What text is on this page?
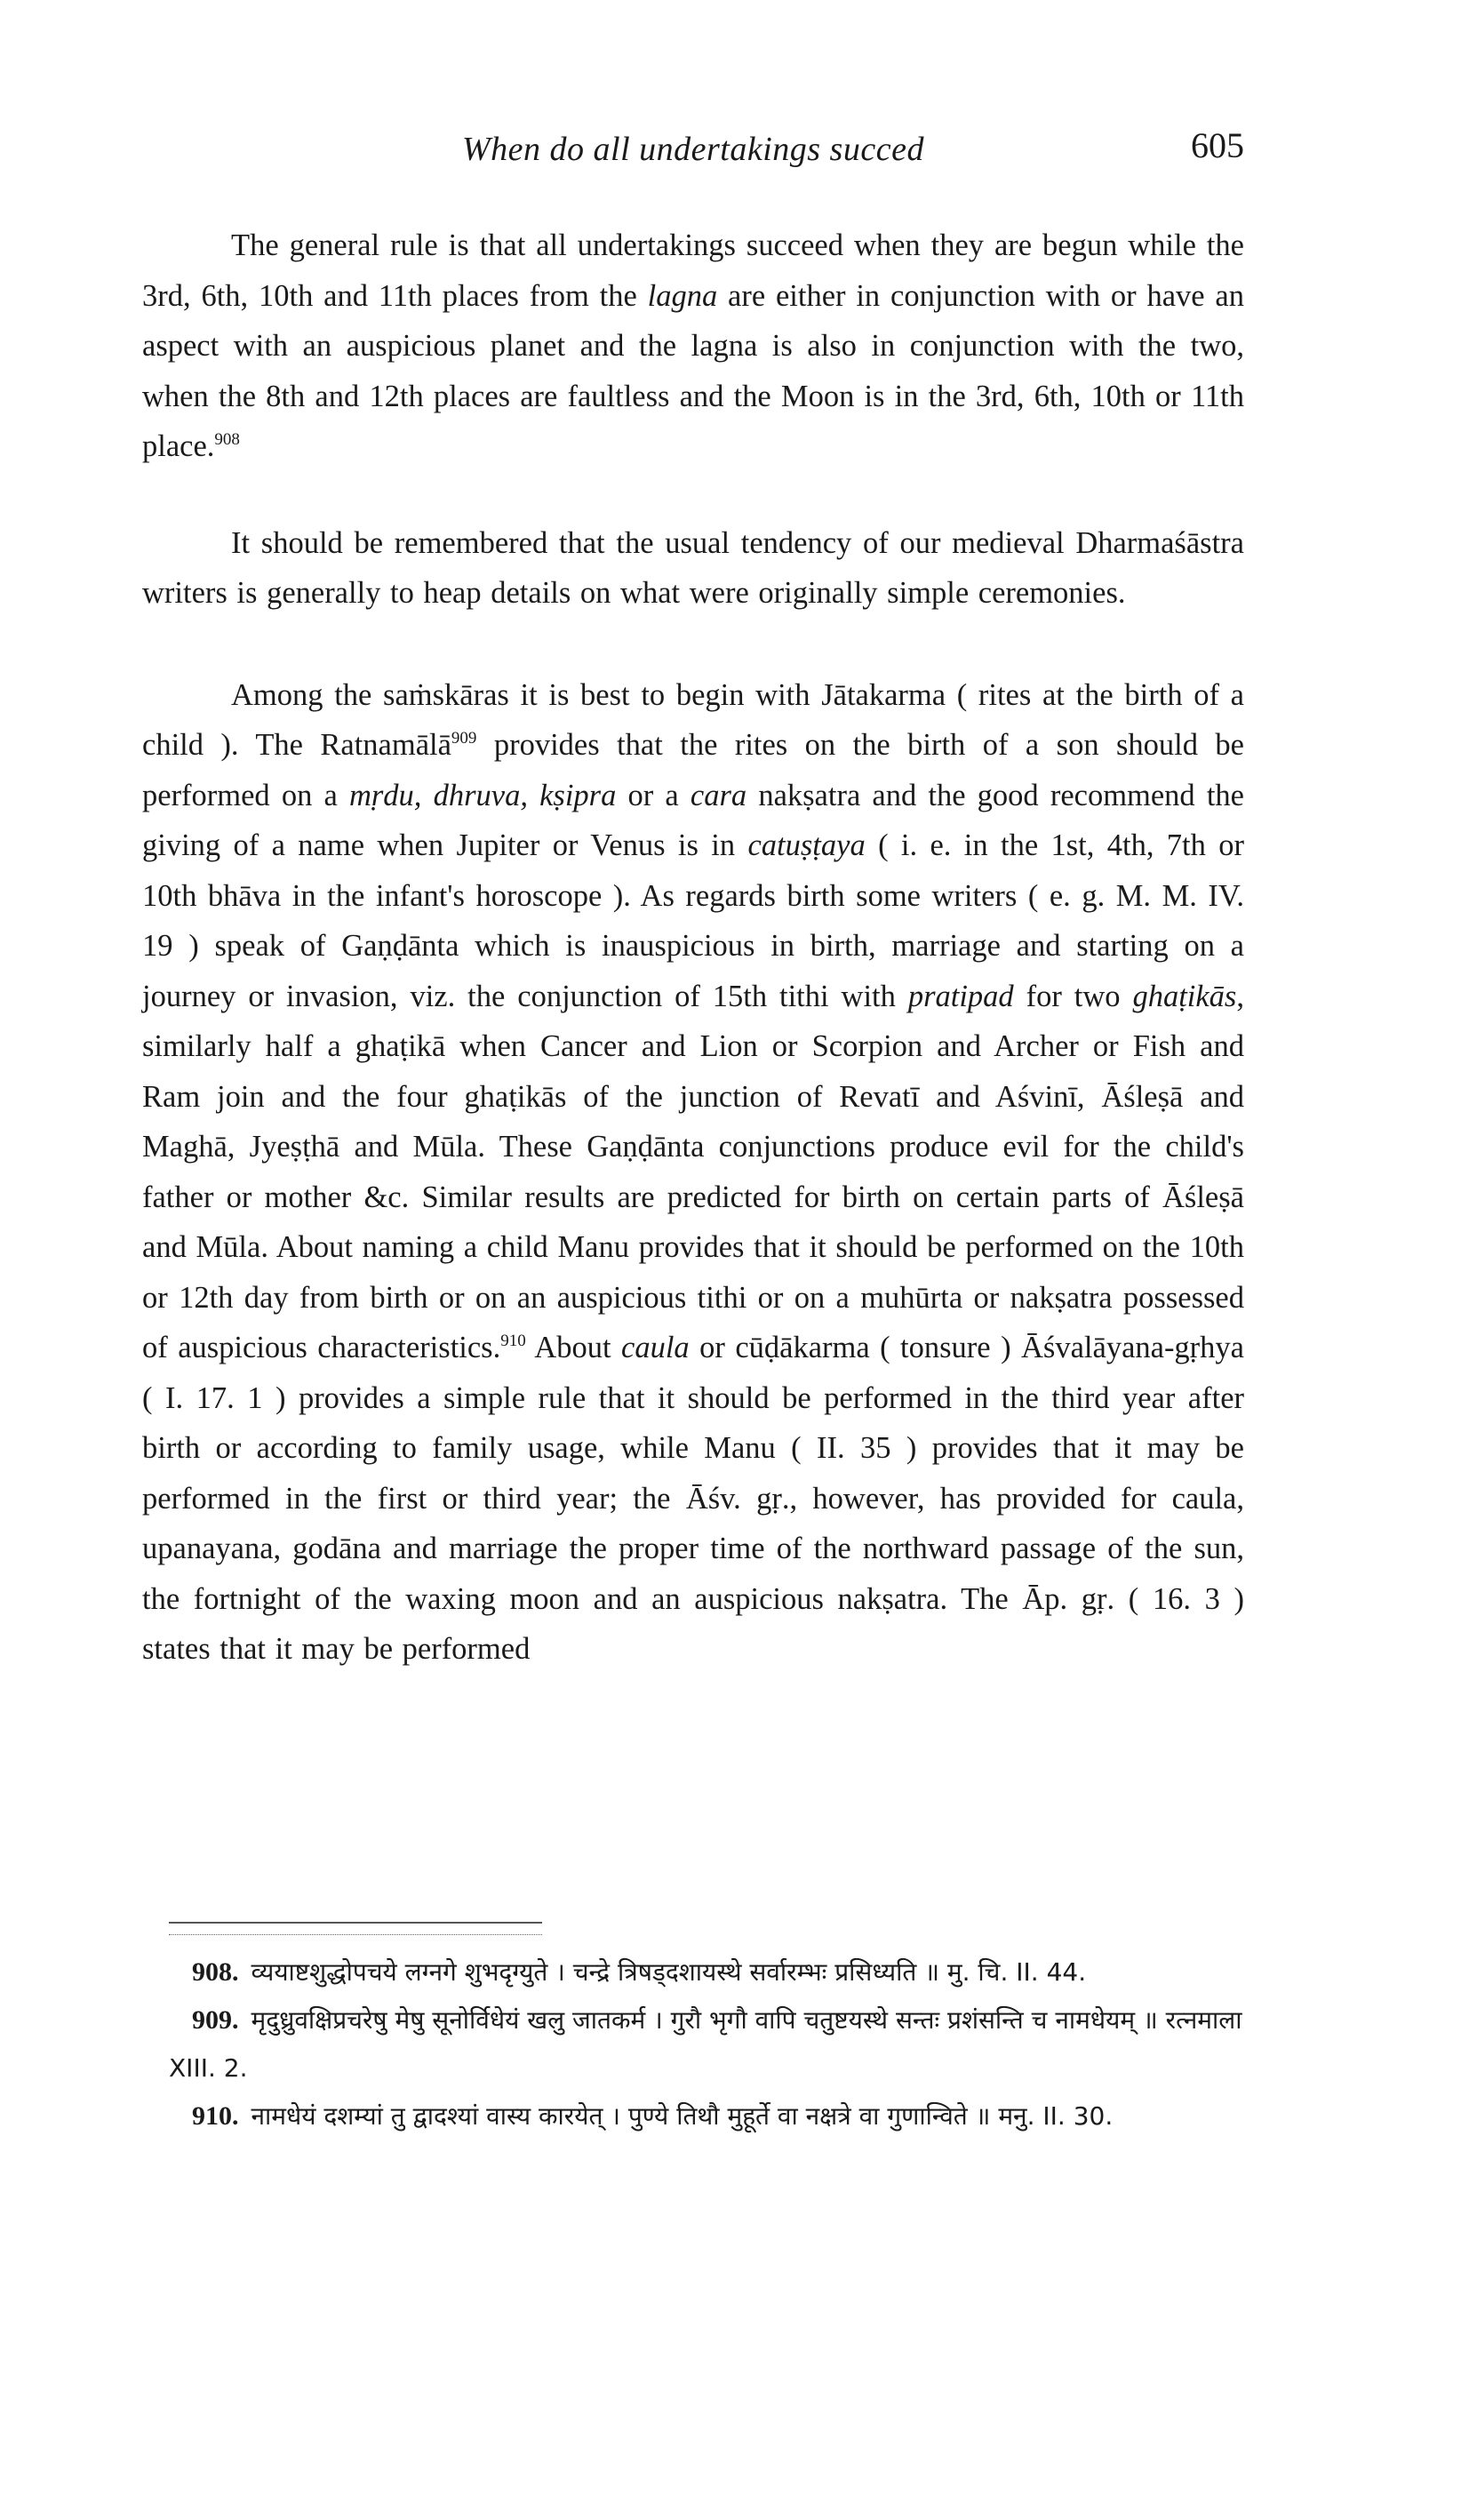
When do all undertakings succed	605

The general rule is that all undertakings succeed when they are begun while the 3rd, 6th, 10th and 11th places from the lagna are either in conjunction with or have an aspect with an auspicious planet and the lagna is also in conjunction with the two, when the 8th and 12th places are faultless and the Moon is in the 3rd, 6th, 10th or 11th place.$^{908}$

It should be remembered that the usual tendency of our medieval Dharmaśāstra writers is generally to heap details on what were originally simple ceremonies.

Among the saṁskāras it is best to begin with Jātakarma ( rites at the birth of a child ). The Ratnamālā$^{909}$ provides that the rites on the birth of a son should be performed on a mṛdu, dhruva, kṣipra or a cara nakṣatra and the good recommend the giving of a name when Jupiter or Venus is in catuṣṭaya ( i. e. in the 1st, 4th, 7th or 10th bhāva in the infant's horoscope ). As regards birth some writers ( e. g. M. M. IV. 19 ) speak of Gaṇḍānta which is inauspicious in birth, marriage and starting on a journey or invasion, viz. the conjunction of 15th tithi with pratipad for two ghaṭikās, similarly half a ghaṭikā when Cancer and Lion or Scorpion and Archer or Fish and Ram join and the four ghaṭikās of the junction of Revatī and Aśvinī, Āśleṣā and Maghā, Jyeṣṭhā and Mūla. These Gaṇḍānta conjunctions produce evil for the child's father or mother &c. Similar results are predicted for birth on certain parts of Āśleṣā and Mūla. About naming a child Manu provides that it should be performed on the 10th or 12th day from birth or on an auspicious tithi or on a muhūrta or nakṣatra possessed of auspicious characteristics.$^{910}$ About caula or cūḍākarma ( tonsure ) Āśvalāyana-gṛhya ( I. 17. 1 ) provides a simple rule that it should be performed in the third year after birth or according to family usage, while Manu ( II. 35 ) provides that it may be performed in the first or third year; the Āśv. gṛ., however, has provided for caula, upanayana, godāna and marriage the proper time of the northward passage of the sun, the fortnight of the waxing moon and an auspicious nakṣatra. The Āp. gṛ. ( 16. 3 ) states that it may be performed

908. व्ययाष्टशुद्धोपचये लग्नगे शुभदृग्युते । चन्द्रे त्रिषड्दशायस्थे सर्वारम्भः प्रसिध्यति ॥ मु. चि. II. 44.

909. मृदुध्रुवक्षिप्रचरेषु मेषु सूनोर्विधेयं खलु जातकर्म । गुरौ भृगौ वापि चतुष्टयस्थे सन्तः प्रशंसन्ति च नामधेयम् ॥ रत्नमाला XIII. 2.

910. नामधेयं दशम्यां तु द्वादश्यां वास्य कारयेत् । पुण्ये तिथौ मुहूर्ते वा नक्षत्रे वा गुणान्विते ॥ मनु. II. 30.
